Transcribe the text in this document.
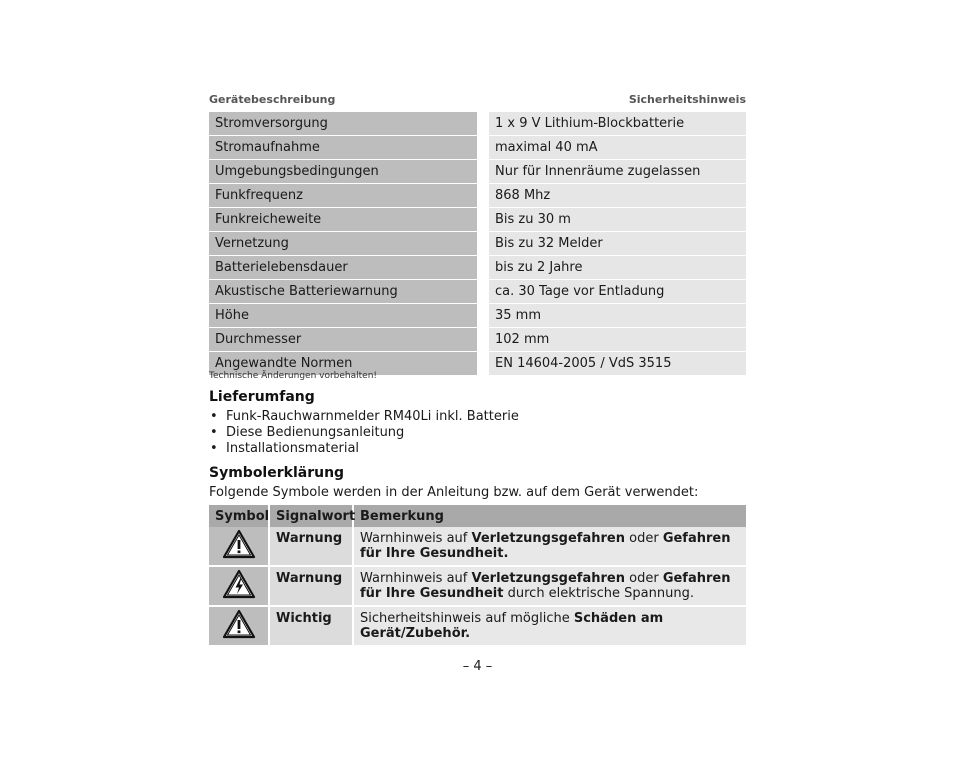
Gerätebeschreibung	Sicherheitshinweis
Stromversorgung	1 x 9 V Lithium-Blockbatterie
Stromaufnahme	maximal 40 mA
Umgebungsbedingungen	Nur für Innenräume zugelassen
Funkfrequenz	868 Mhz
Funkreicheweite	Bis zu 30 m
Vernetzung	Bis zu 32 Melder
Batterielebensdauer	bis zu 2 Jahre
Akustische Batteriewarnung	ca. 30 Tage vor Entladung
Höhe	35 mm
Durchmesser	102 mm
Angewandte Normen	EN 14604-2005 / VdS 3515
Technische Änderungen vorbehalten!
Lieferumfang
• Funk-Rauchwarnmelder RM40Li inkl. Batterie
• Diese Bedienungsanleitung
• Installationsmaterial
Symbolerklärung
Folgende Symbole werden in der Anleitung bzw. auf dem Gerät verwendet:
Symbol	Signalwort	Bemerkung
	Warnung	Warnhinweis auf Verletzungsgefahren oder Gefahren für Ihre Gesundheit.
	Warnung	Warnhinweis auf Verletzungsgefahren oder Gefahren für Ihre Gesundheit durch elektrische Spannung.
	Wichtig	Sicherheitshinweis auf mögliche Schäden am Gerät/Zubehör.
– 4 –
